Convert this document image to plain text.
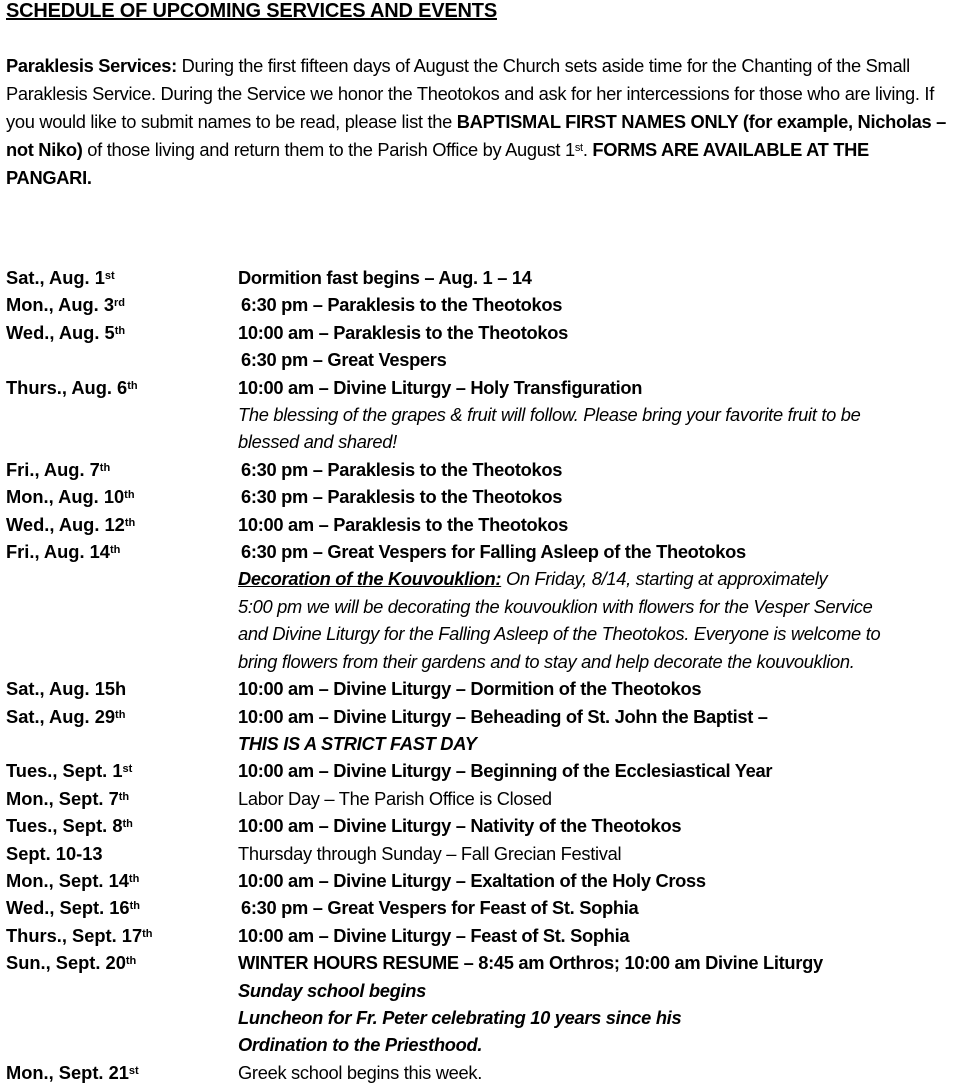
SCHEDULE OF UPCOMING SERVICES AND EVENTS
Paraklesis Services: During the first fifteen days of August the Church sets aside time for the Chanting of the Small Paraklesis Service. During the Service we honor the Theotokos and ask for her intercessions for those who are living. If you would like to submit names to be read, please list the BAPTISMAL FIRST NAMES ONLY (for example, Nicholas – not Niko) of those living and return them to the Parish Office by August 1st. FORMS ARE AVAILABLE AT THE PANGARI.
Sat., Aug. 1st	Dormition fast begins – Aug. 1 – 14
Mon., Aug. 3rd	6:30 pm – Paraklesis to the Theotokos
Wed., Aug. 5th	10:00 am – Paraklesis to the Theotokos
6:30 pm – Great Vespers
Thurs., Aug. 6th	10:00 am – Divine Liturgy – Holy Transfiguration
The blessing of the grapes & fruit will follow. Please bring your favorite fruit to be
blessed and shared!
Fri., Aug. 7th	6:30 pm – Paraklesis to the Theotokos
Mon., Aug. 10th	6:30 pm – Paraklesis to the Theotokos
Wed., Aug. 12th	10:00 am – Paraklesis to the Theotokos
Fri., Aug. 14th	6:30 pm – Great Vespers for Falling Asleep of the Theotokos
Decoration of the Kouvouklion: On Friday, 8/14, starting at approximately
5:00 pm we will be decorating the kouvouklion with flowers for the Vesper Service
and Divine Liturgy for the Falling Asleep of the Theotokos. Everyone is welcome to
bring flowers from their gardens and to stay and help decorate the kouvouklion.
Sat., Aug. 15h	10:00 am – Divine Liturgy – Dormition of the Theotokos
Sat., Aug. 29th	10:00 am – Divine Liturgy – Beheading of St. John the Baptist –
THIS IS A STRICT FAST DAY
Tues., Sept. 1st	10:00 am – Divine Liturgy – Beginning of the Ecclesiastical Year
Mon., Sept. 7th	Labor Day – The Parish Office is Closed
Tues., Sept. 8th	10:00 am – Divine Liturgy – Nativity of the Theotokos
Sept. 10-13	Thursday through Sunday – Fall Grecian Festival
Mon., Sept. 14th	10:00 am – Divine Liturgy – Exaltation of the Holy Cross
Wed., Sept. 16th	6:30 pm – Great Vespers for Feast of St. Sophia
Thurs., Sept. 17th	10:00 am – Divine Liturgy – Feast of St. Sophia
Sun., Sept. 20th	WINTER HOURS RESUME – 8:45 am Orthros; 10:00 am Divine Liturgy
Sunday school begins
Luncheon for Fr. Peter celebrating 10 years since his
Ordination to the Priesthood.
Mon., Sept. 21st	Greek school begins this week.
